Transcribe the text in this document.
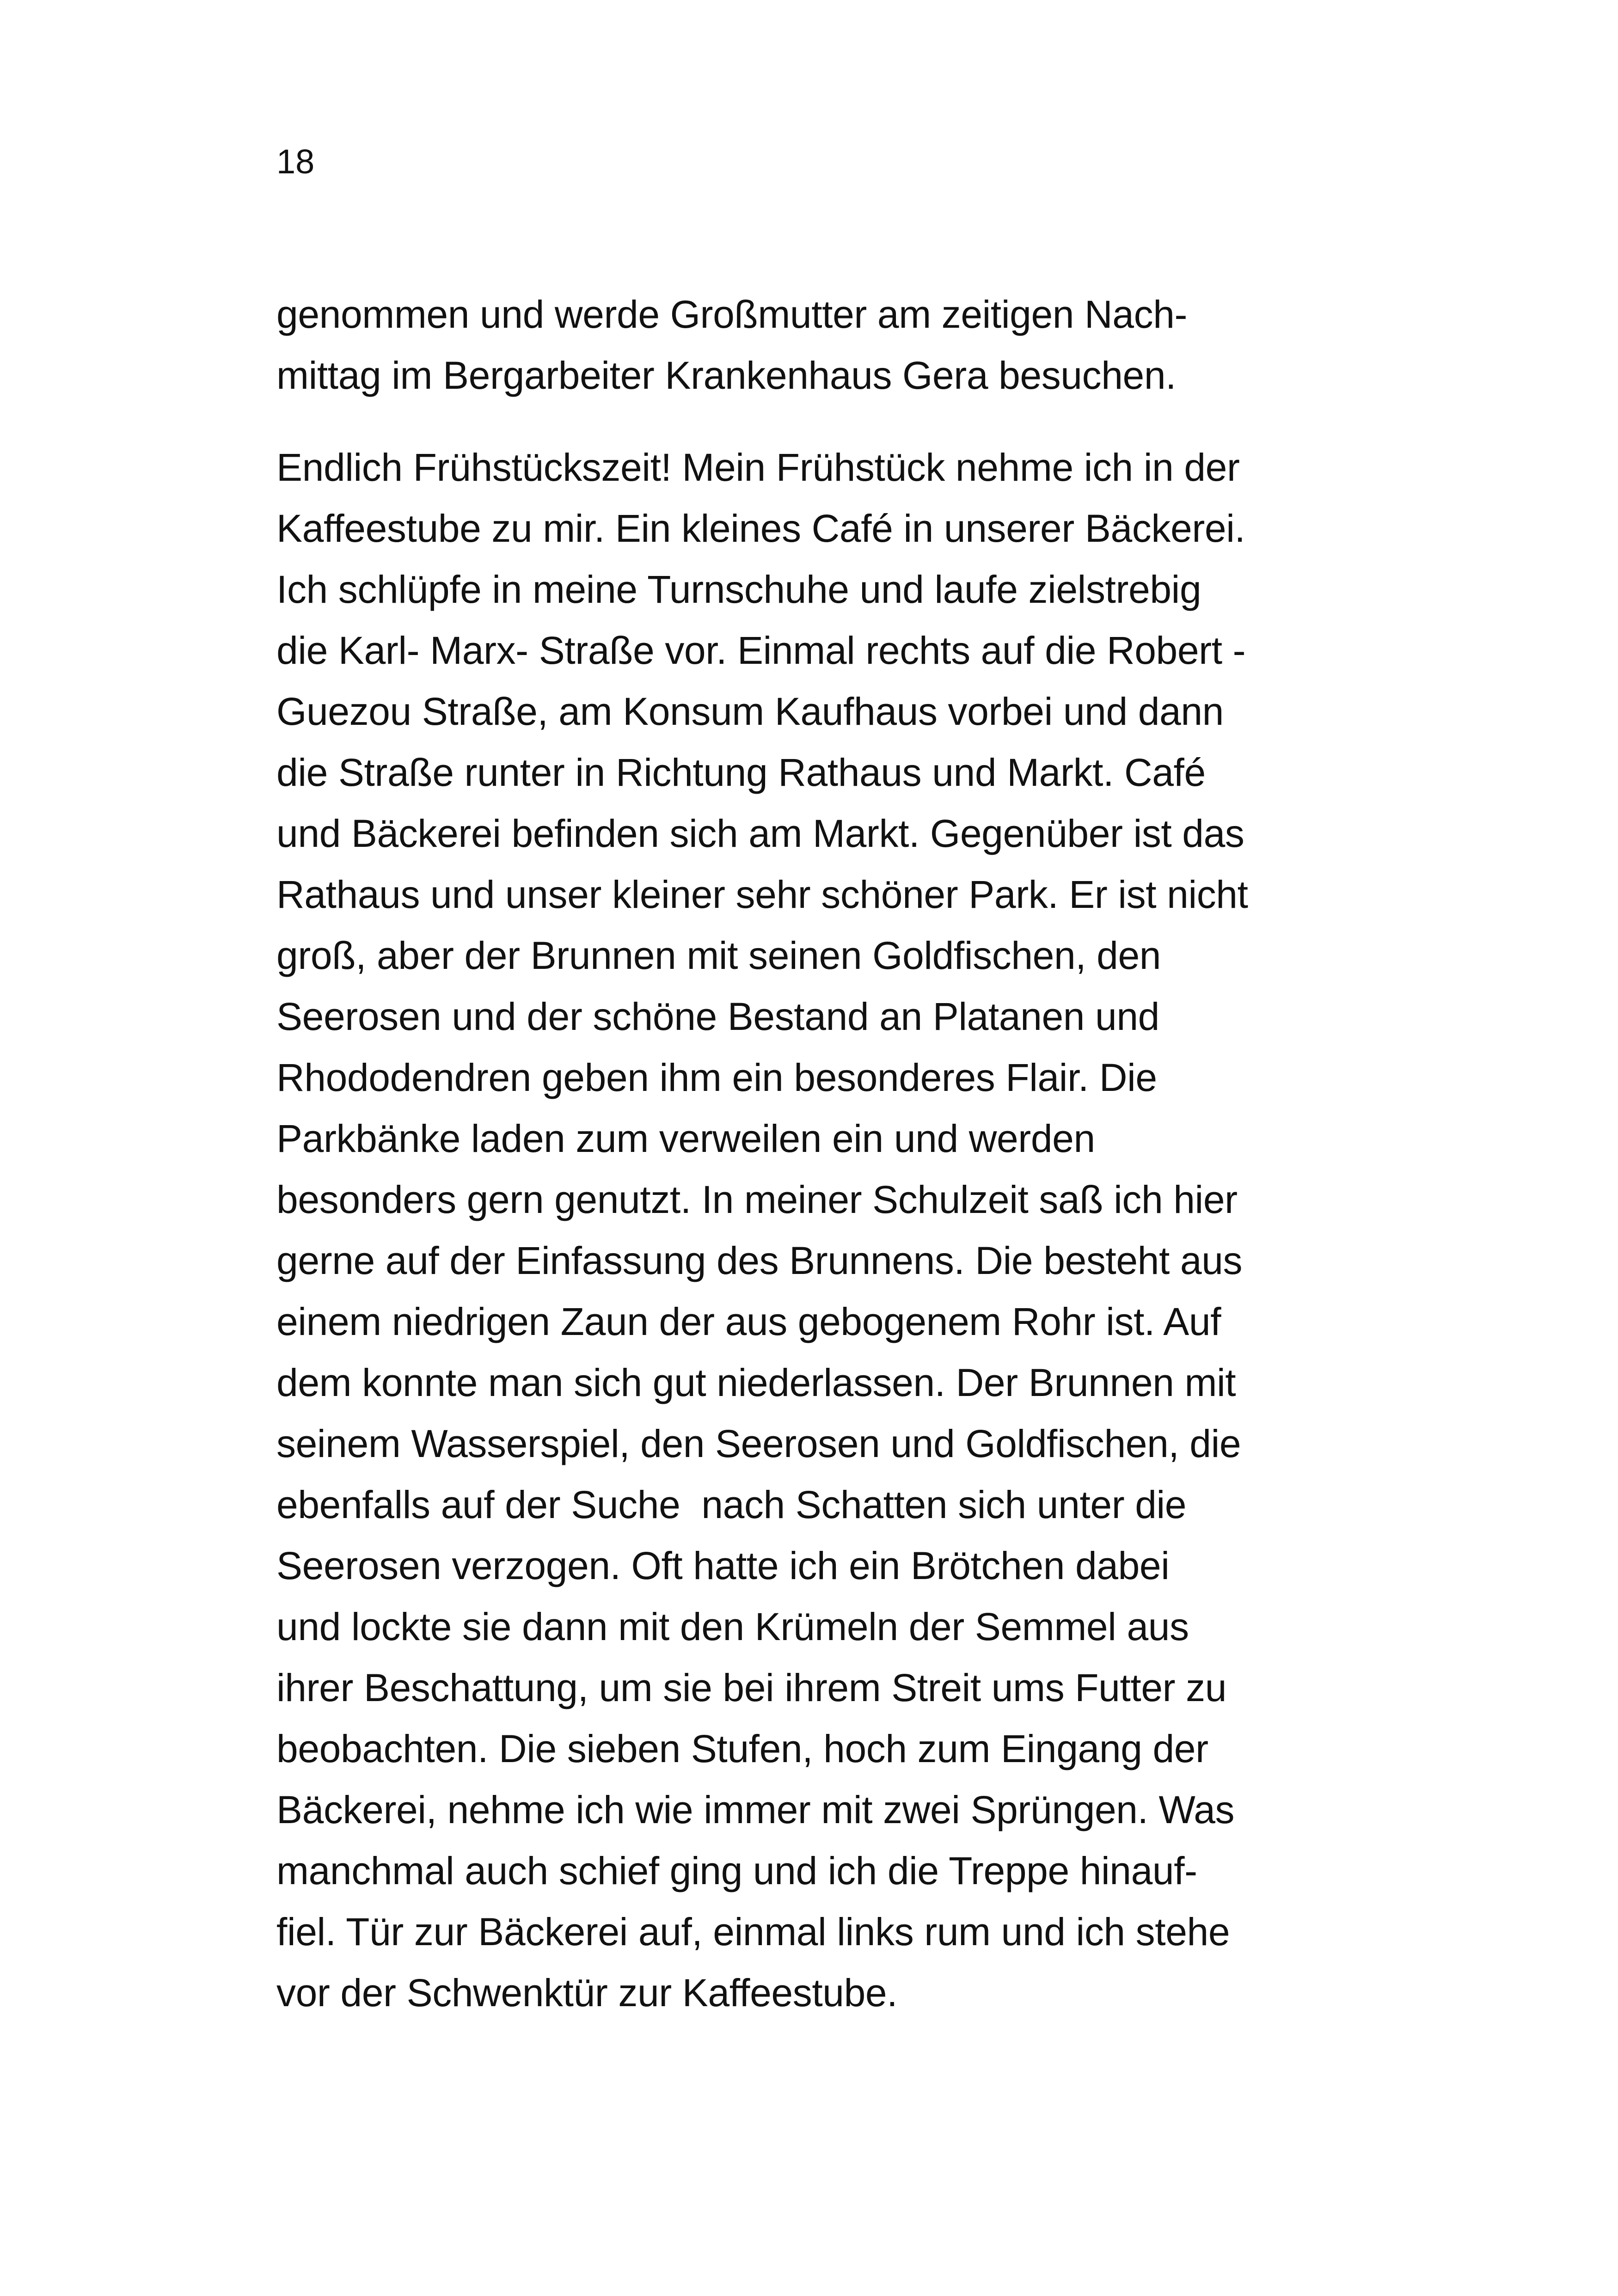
18
genommen und werde Großmutter am zeitigen Nach-
mittag im Bergarbeiter Krankenhaus Gera besuchen.
Endlich Frühstückszeit! Mein Frühstück nehme ich in der
Kaffeestube zu mir. Ein kleines Café in unserer Bäckerei.
Ich schlüpfe in meine Turnschuhe und laufe zielstrebig
die Karl- Marx- Straße vor. Einmal rechts auf die Robert -
Guezou Straße, am Konsum Kaufhaus vorbei und dann
die Straße runter in Richtung Rathaus und Markt. Café
und Bäckerei befinden sich am Markt. Gegenüber ist das
Rathaus und unser kleiner sehr schöner Park. Er ist nicht
groß, aber der Brunnen mit seinen Goldfischen, den
Seerosen und der schöne Bestand an Platanen und
Rhododendren geben ihm ein besonderes Flair. Die
Parkbänke laden zum verweilen ein und werden
besonders gern genutzt. In meiner Schulzeit saß ich hier
gerne auf der Einfassung des Brunnens. Die besteht aus
einem niedrigen Zaun der aus gebogenem Rohr ist. Auf
dem konnte man sich gut niederlassen. Der Brunnen mit
seinem Wasserspiel, den Seerosen und Goldfischen, die
ebenfalls auf der Suche  nach Schatten sich unter die
Seerosen verzogen. Oft hatte ich ein Brötchen dabei
und lockte sie dann mit den Krümeln der Semmel aus
ihrer Beschattung, um sie bei ihrem Streit ums Futter zu
beobachten. Die sieben Stufen, hoch zum Eingang der
Bäckerei, nehme ich wie immer mit zwei Sprüngen. Was
manchmal auch schief ging und ich die Treppe hinauf-
fiel. Tür zur Bäckerei auf, einmal links rum und ich stehe
vor der Schwenktür zur Kaffeestube.
